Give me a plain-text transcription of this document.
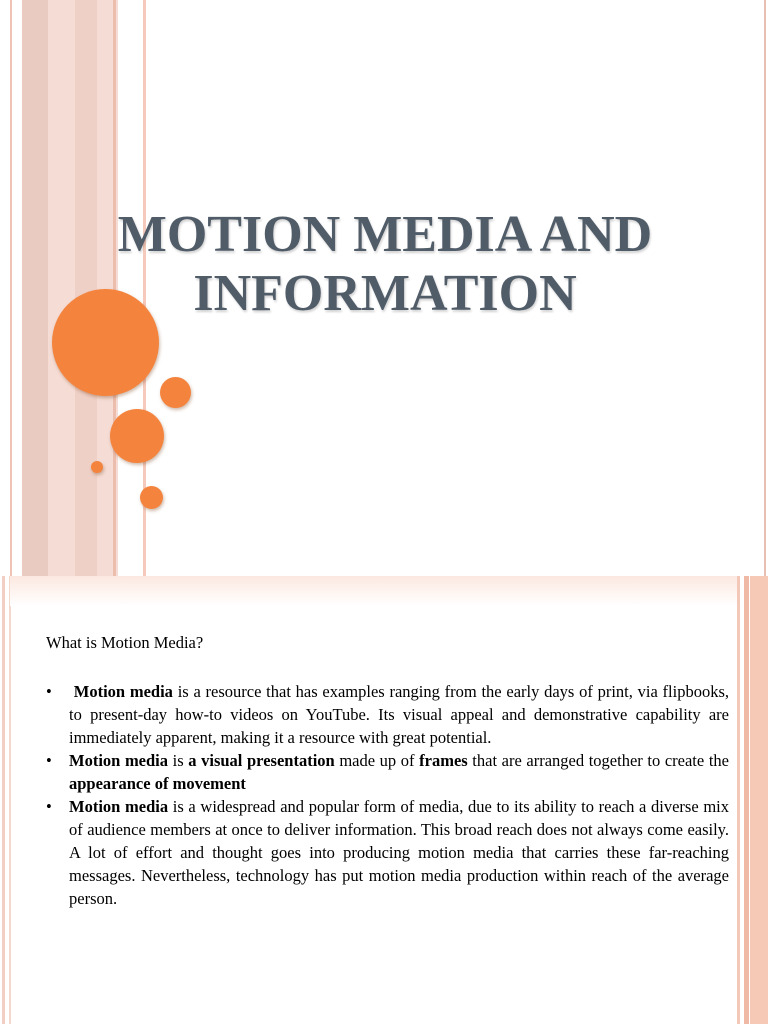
MOTION MEDIA AND
INFORMATION

What is Motion Media?

• Motion media is a resource that has examples ranging from the early days of print, via flipbooks, to present-day how-to videos on YouTube. Its visual appeal and demonstrative capability are immediately apparent, making it a resource with great potential.
• Motion media is a visual presentation made up of frames that are arranged together to create the appearance of movement
• Motion media is a widespread and popular form of media, due to its ability to reach a diverse mix of audience members at once to deliver information. This broad reach does not always come easily. A lot of effort and thought goes into producing motion media that carries these far-reaching messages. Nevertheless, technology has put motion media production within reach of the average person.
